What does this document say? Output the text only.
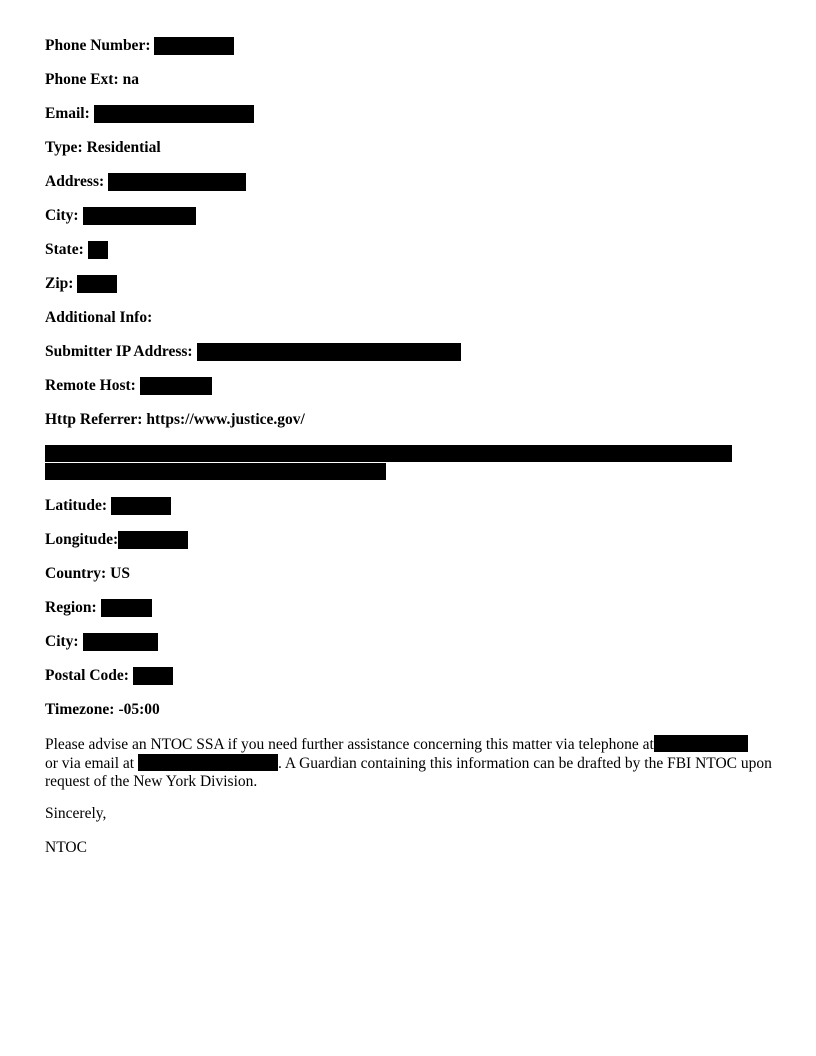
Phone Number:
Phone Ext: na
Email:
Type: Residential
Address:
City:
State:
Zip:
Additional Info:
Submitter IP Address:
Remote Host:
Http Referrer: https://www.justice.gov/
Latitude:
Longitude:
Country: US
Region:
City:
Postal Code:
Timezone: -05:00
Please advise an NTOC SSA if you need further assistance concerning this matter via telephone at
or via email at	. A Guardian containing this information can be drafted by the FBI NTOC upon request of the New York Division.
Sincerely,
NTOC
